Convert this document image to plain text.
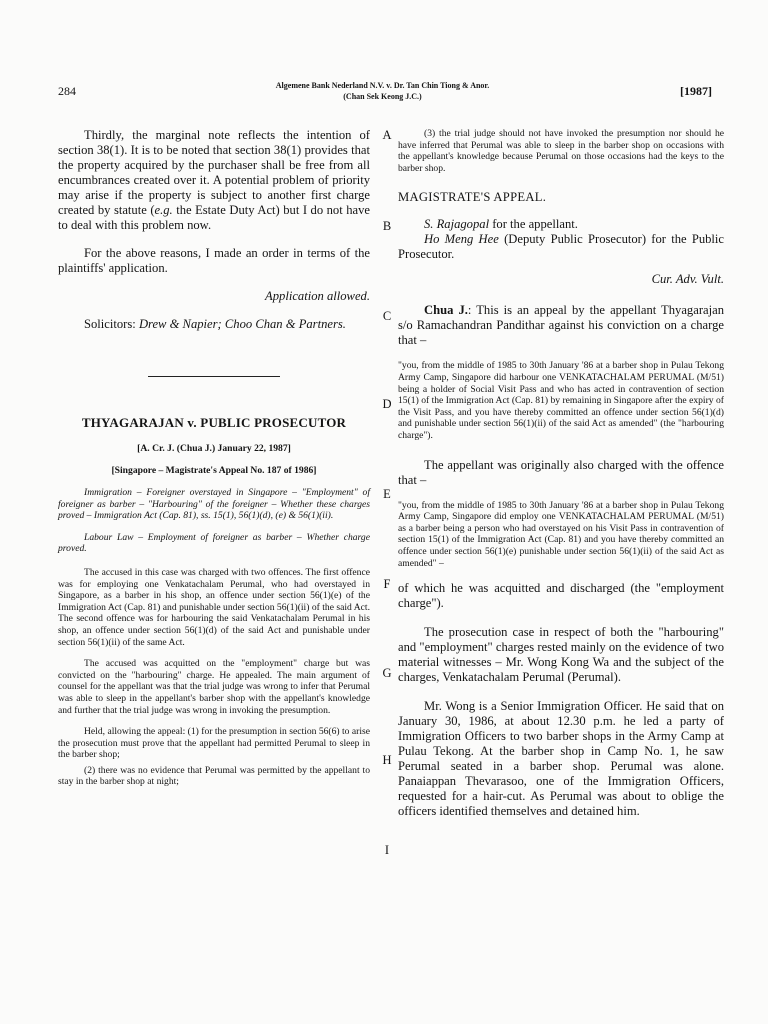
284	Algemene Bank Nederland N.V. v. Dr. Tan Chin Tiong & Anor.
(Chan Sek Keong J.C.)	[1987]

Thirdly, the marginal note reflects the intention of section 38(1). It is to be noted that section 38(1) provides that the property acquired by the purchaser shall be free from all encumbrances created over it. A potential problem of priority may arise if the property is subject to another first charge created by statute (e.g. the Estate Duty Act) but I do not have to deal with this problem now.

For the above reasons, I made an order in terms of the plaintiffs' application.

Application allowed.

Solicitors: Drew & Napier; Choo Chan & Partners.

THYAGARAJAN v. PUBLIC PROSECUTOR

[A. Cr. J. (Chua J.) January 22, 1987]

[Singapore – Magistrate's Appeal No. 187 of 1986]

Immigration – Foreigner overstayed in Singapore – "Employment" of foreigner as barber – "Harbouring" of the foreigner – Whether these charges proved – Immigration Act (Cap. 81), ss. 15(1), 56(1)(d), (e) & 56(1)(ii).

Labour Law – Employment of foreigner as barber – Whether charge proved.

The accused in this case was charged with two offences. The first offence was for employing one Venkatachalam Perumal, who had overstayed in Singapore, as a barber in his shop, an offence under section 56(1)(e) of the Immigration Act (Cap. 81) and punishable under section 56(1)(ii) of the said Act. The second offence was for harbouring the said Venkatachalam Perumal in his shop, an offence under section 56(1)(d) of the said Act and punishable under section 56(1)(ii) of the same Act.

The accused was acquitted on the "employment" charge but was convicted on the "harbouring" charge. He appealed. The main argument of counsel for the appellant was that the trial judge was wrong to infer that Perumal was able to sleep in the appellant's barber shop with the appellant's knowledge and further that the trial judge was wrong in invoking the presumption.

Held, allowing the appeal: (1) for the presumption in section 56(6) to arise the prosecution must prove that the appellant had permitted Perumal to sleep in the barber shop;

(2) there was no evidence that Perumal was permitted by the appellant to stay in the barber shop at night;

A
B
C
D
E
F
G
H
I

(3) the trial judge should not have invoked the presumption nor should he have inferred that Perumal was able to sleep in the barber shop on occasions with the appellant's knowledge because Perumal on those occasions had the keys to the barber shop.

MAGISTRATE'S APPEAL.

S. Rajagopal for the appellant.

Ho Meng Hee (Deputy Public Prosecutor) for the Public Prosecutor.

Cur. Adv. Vult.

Chua J.: This is an appeal by the appellant Thyagarajan s/o Ramachandran Pandithar against his conviction on a charge that –

"you, from the middle of 1985 to 30th January '86 at a barber shop in Pulau Tekong Army Camp, Singapore did harbour one VENKATACHALAM PERUMAL (M/51) being a holder of Social Visit Pass and who has acted in contravention of section 15(1) of the Immigration Act (Cap. 81) by remaining in Singapore after the expiry of the Visit Pass, and you have thereby committed an offence under section 56(1)(d) and punishable under section 56(1)(ii) of the said Act as amended" (the "harbouring charge").

The appellant was originally also charged with the offence that –

"you, from the middle of 1985 to 30th January '86 at a barber shop in Pulau Tekong Army Camp, Singapore did employ one VENKATACHALAM PERUMAL (M/51) as a barber being a person who had overstayed on his Visit Pass in contravention of section 15(1) of the Immigration Act (Cap. 81) and you have thereby committed an offence under section 56(1)(e) punishable under section 56(1)(ii) of the said Act as amended" –

of which he was acquitted and discharged (the "employment charge").

The prosecution case in respect of both the "harbouring" and "employment" charges rested mainly on the evidence of two material witnesses – Mr. Wong Kong Wa and the subject of the charges, Venkatachalam Perumal (Perumal).

Mr. Wong is a Senior Immigration Officer. He said that on January 30, 1986, at about 12.30 p.m. he led a party of Immigration Officers to two barber shops in the Army Camp at Pulau Tekong. At the barber shop in Camp No. 1, he saw Perumal seated in a barber shop. Perumal was alone. Panaiappan Thevarasoo, one of the Immigration Officers, requested for a hair-cut. As Perumal was about to oblige the officers identified themselves and detained him.
